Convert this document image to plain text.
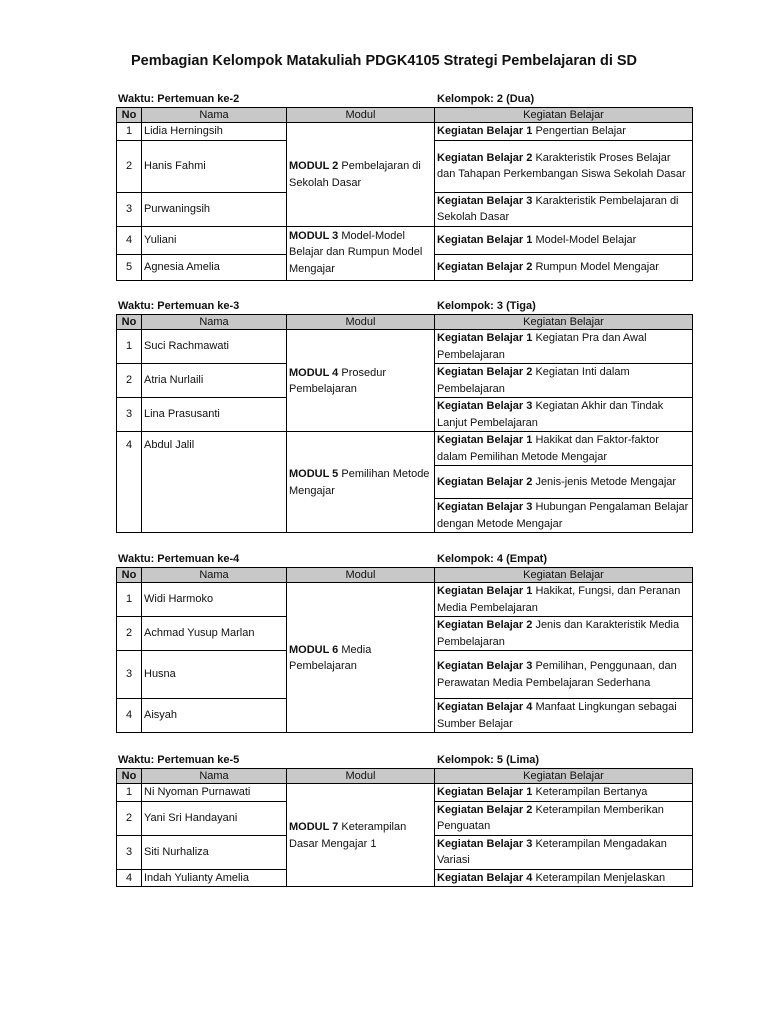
Pembagian Kelompok Matakuliah PDGK4105 Strategi Pembelajaran di SD
Waktu: Pertemuan ke-2	Kelompok: 2 (Dua)
No	Nama	Modul	Kegiatan Belajar
1	Lidia Herningsih	MODUL 2 Pembelajaran di Sekolah Dasar	Kegiatan Belajar 1 Pengertian Belajar
2	Hanis Fahmi		Kegiatan Belajar 2 Karakteristik Proses Belajar dan Tahapan Perkembangan Siswa Sekolah Dasar
3	Purwaningsih		Kegiatan Belajar 3 Karakteristik Pembelajaran di Sekolah Dasar
4	Yuliani	MODUL 3 Model-Model Belajar dan Rumpun Model Mengajar	Kegiatan Belajar 1 Model-Model Belajar
5	Agnesia Amelia		Kegiatan Belajar 2 Rumpun Model Mengajar
Waktu: Pertemuan ke-3	Kelompok: 3 (Tiga)
No	Nama	Modul	Kegiatan Belajar
1	Suci Rachmawati	MODUL 4 Prosedur Pembelajaran	Kegiatan Belajar 1 Kegiatan Pra dan Awal Pembelajaran
2	Atria Nurlaili		Kegiatan Belajar 2 Kegiatan Inti dalam Pembelajaran
3	Lina Prasusanti		Kegiatan Belajar 3 Kegiatan Akhir dan Tindak Lanjut Pembelajaran
4	Abdul Jalil	MODUL 5 Pemilihan Metode Mengajar	Kegiatan Belajar 1 Hakikat dan Faktor-faktor dalam Pemilihan Metode Mengajar
			Kegiatan Belajar 2 Jenis-jenis Metode Mengajar
			Kegiatan Belajar 3 Hubungan Pengalaman Belajar dengan Metode Mengajar
Waktu: Pertemuan ke-4	Kelompok: 4 (Empat)
No	Nama	Modul	Kegiatan Belajar
1	Widi Harmoko	MODUL 6 Media Pembelajaran	Kegiatan Belajar 1 Hakikat, Fungsi, dan Peranan Media Pembelajaran
2	Achmad Yusup Marlan		Kegiatan Belajar 2 Jenis dan Karakteristik Media Pembelajaran
3	Husna		Kegiatan Belajar 3 Pemilihan, Penggunaan, dan Perawatan Media Pembelajaran Sederhana
4	Aisyah		Kegiatan Belajar 4 Manfaat Lingkungan sebagai Sumber Belajar
Waktu: Pertemuan ke-5	Kelompok: 5 (Lima)
No	Nama	Modul	Kegiatan Belajar
1	Ni Nyoman Purnawati	MODUL 7 Keterampilan Dasar Mengajar 1	Kegiatan Belajar 1 Keterampilan Bertanya
2	Yani Sri Handayani		Kegiatan Belajar 2 Keterampilan Memberikan Penguatan
3	Siti Nurhaliza		Kegiatan Belajar 3 Keterampilan Mengadakan Variasi
4	Indah Yulianty Amelia		Kegiatan Belajar 4 Keterampilan Menjelaskan
